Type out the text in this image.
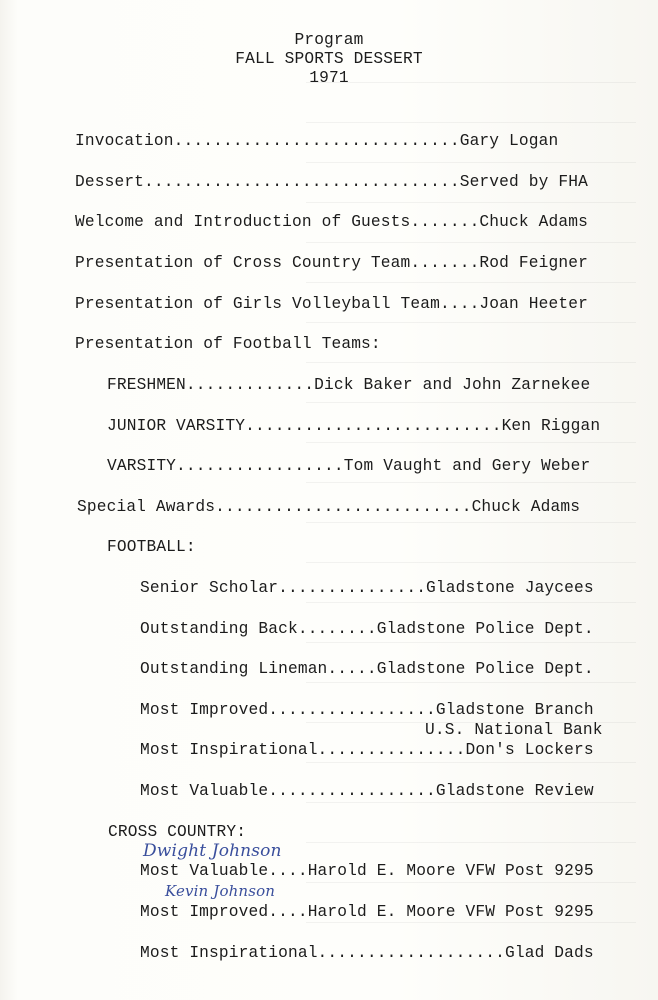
Program
FALL SPORTS DESSERT
1971
Invocation.............................Gary Logan
Dessert................................Served by FHA
Welcome and Introduction of Guests.......Chuck Adams
Presentation of Cross Country Team.......Rod Feigner
Presentation of Girls Volleyball Team....Joan Heeter
Presentation of Football Teams:
FRESHMEN.............Dick Baker and John Zarnekee
JUNIOR VARSITY..........................Ken Riggan
VARSITY.................Tom Vaught and Gery Weber
Special Awards..........................Chuck Adams
FOOTBALL:
Senior Scholar...............Gladstone Jaycees
Outstanding Back........Gladstone Police Dept.
Outstanding Lineman.....Gladstone Police Dept.
Most Improved.................Gladstone Branch
U.S. National Bank
Most Inspirational...............Don's Lockers
Most Valuable.................Gladstone Review
CROSS COUNTRY:
Dwight Johnson
Most Valuable....Harold E. Moore VFW Post 9295
Kevin Johnson
Most Improved....Harold E. Moore VFW Post 9295
Most Inspirational...................Glad Dads
